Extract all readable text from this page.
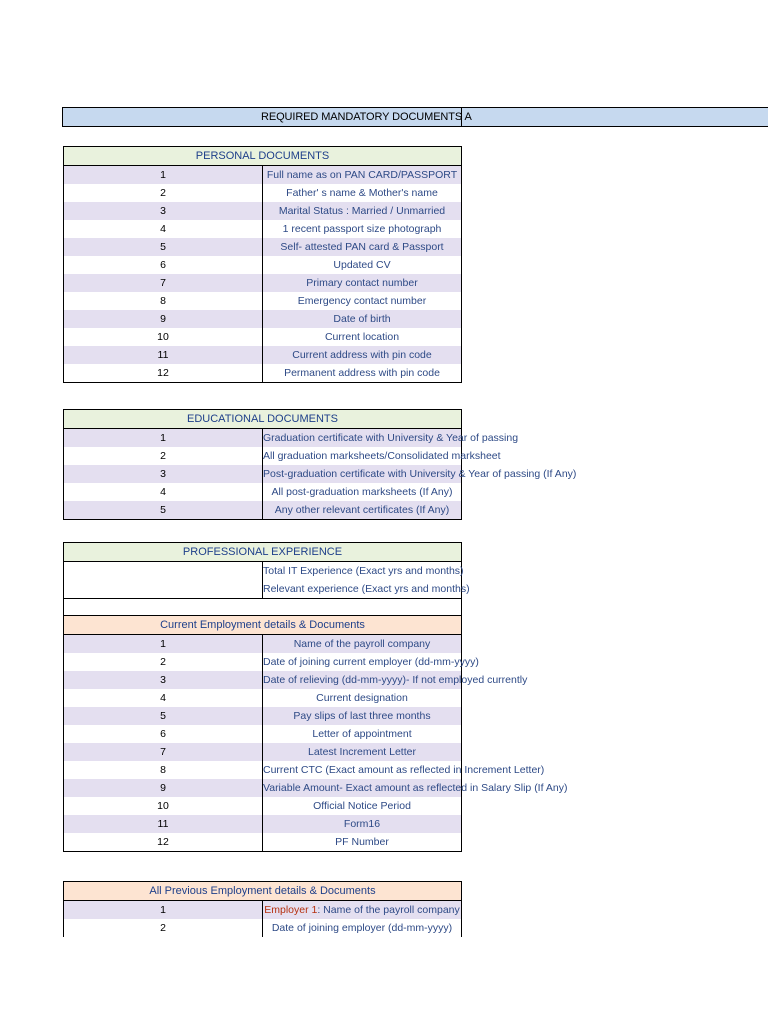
REQUIRED MANDATORY DOCUMENTS A
PERSONAL DOCUMENTS	
1	Full name as on PAN CARD/PASSPORT
2	Father' s name & Mother's name
3	Marital Status : Married / Unmarried
4	1 recent passport size photograph
5	Self- attested PAN card & Passport
6	Updated CV
7	Primary contact number
8	Emergency contact number
9	Date of birth
10	Current location
11	Current address with pin code
12	Permanent address with pin code
EDUCATIONAL DOCUMENTS	
1	Graduation certificate with University & Year of passing
2	All graduation marksheets/Consolidated marksheet
3	Post-graduation certificate with University & Year of passing (If Any)
4	All post-graduation marksheets (If Any)
5	Any other relevant certificates (If Any)
PROFESSIONAL EXPERIENCE	
	Total IT Experience (Exact yrs and months)
	Relevant experience (Exact yrs and months)

Current Employment details & Documents	
1	Name of the payroll company
2	Date of joining current employer (dd-mm-yyyy)
3	Date of relieving (dd-mm-yyyy)- If not employed currently
4	Current designation
5	Pay slips of last three months
6	Letter of appointment
7	Latest Increment Letter
8	Current CTC (Exact amount as reflected in Increment Letter)
9	Variable Amount- Exact amount as reflected in Salary Slip (If Any)
10	Official Notice Period
11	Form16
12	PF Number
All Previous Employment details & Documents	
1	Employer 1: Name of the payroll company
2	Date of joining employer (dd-mm-yyyy)
